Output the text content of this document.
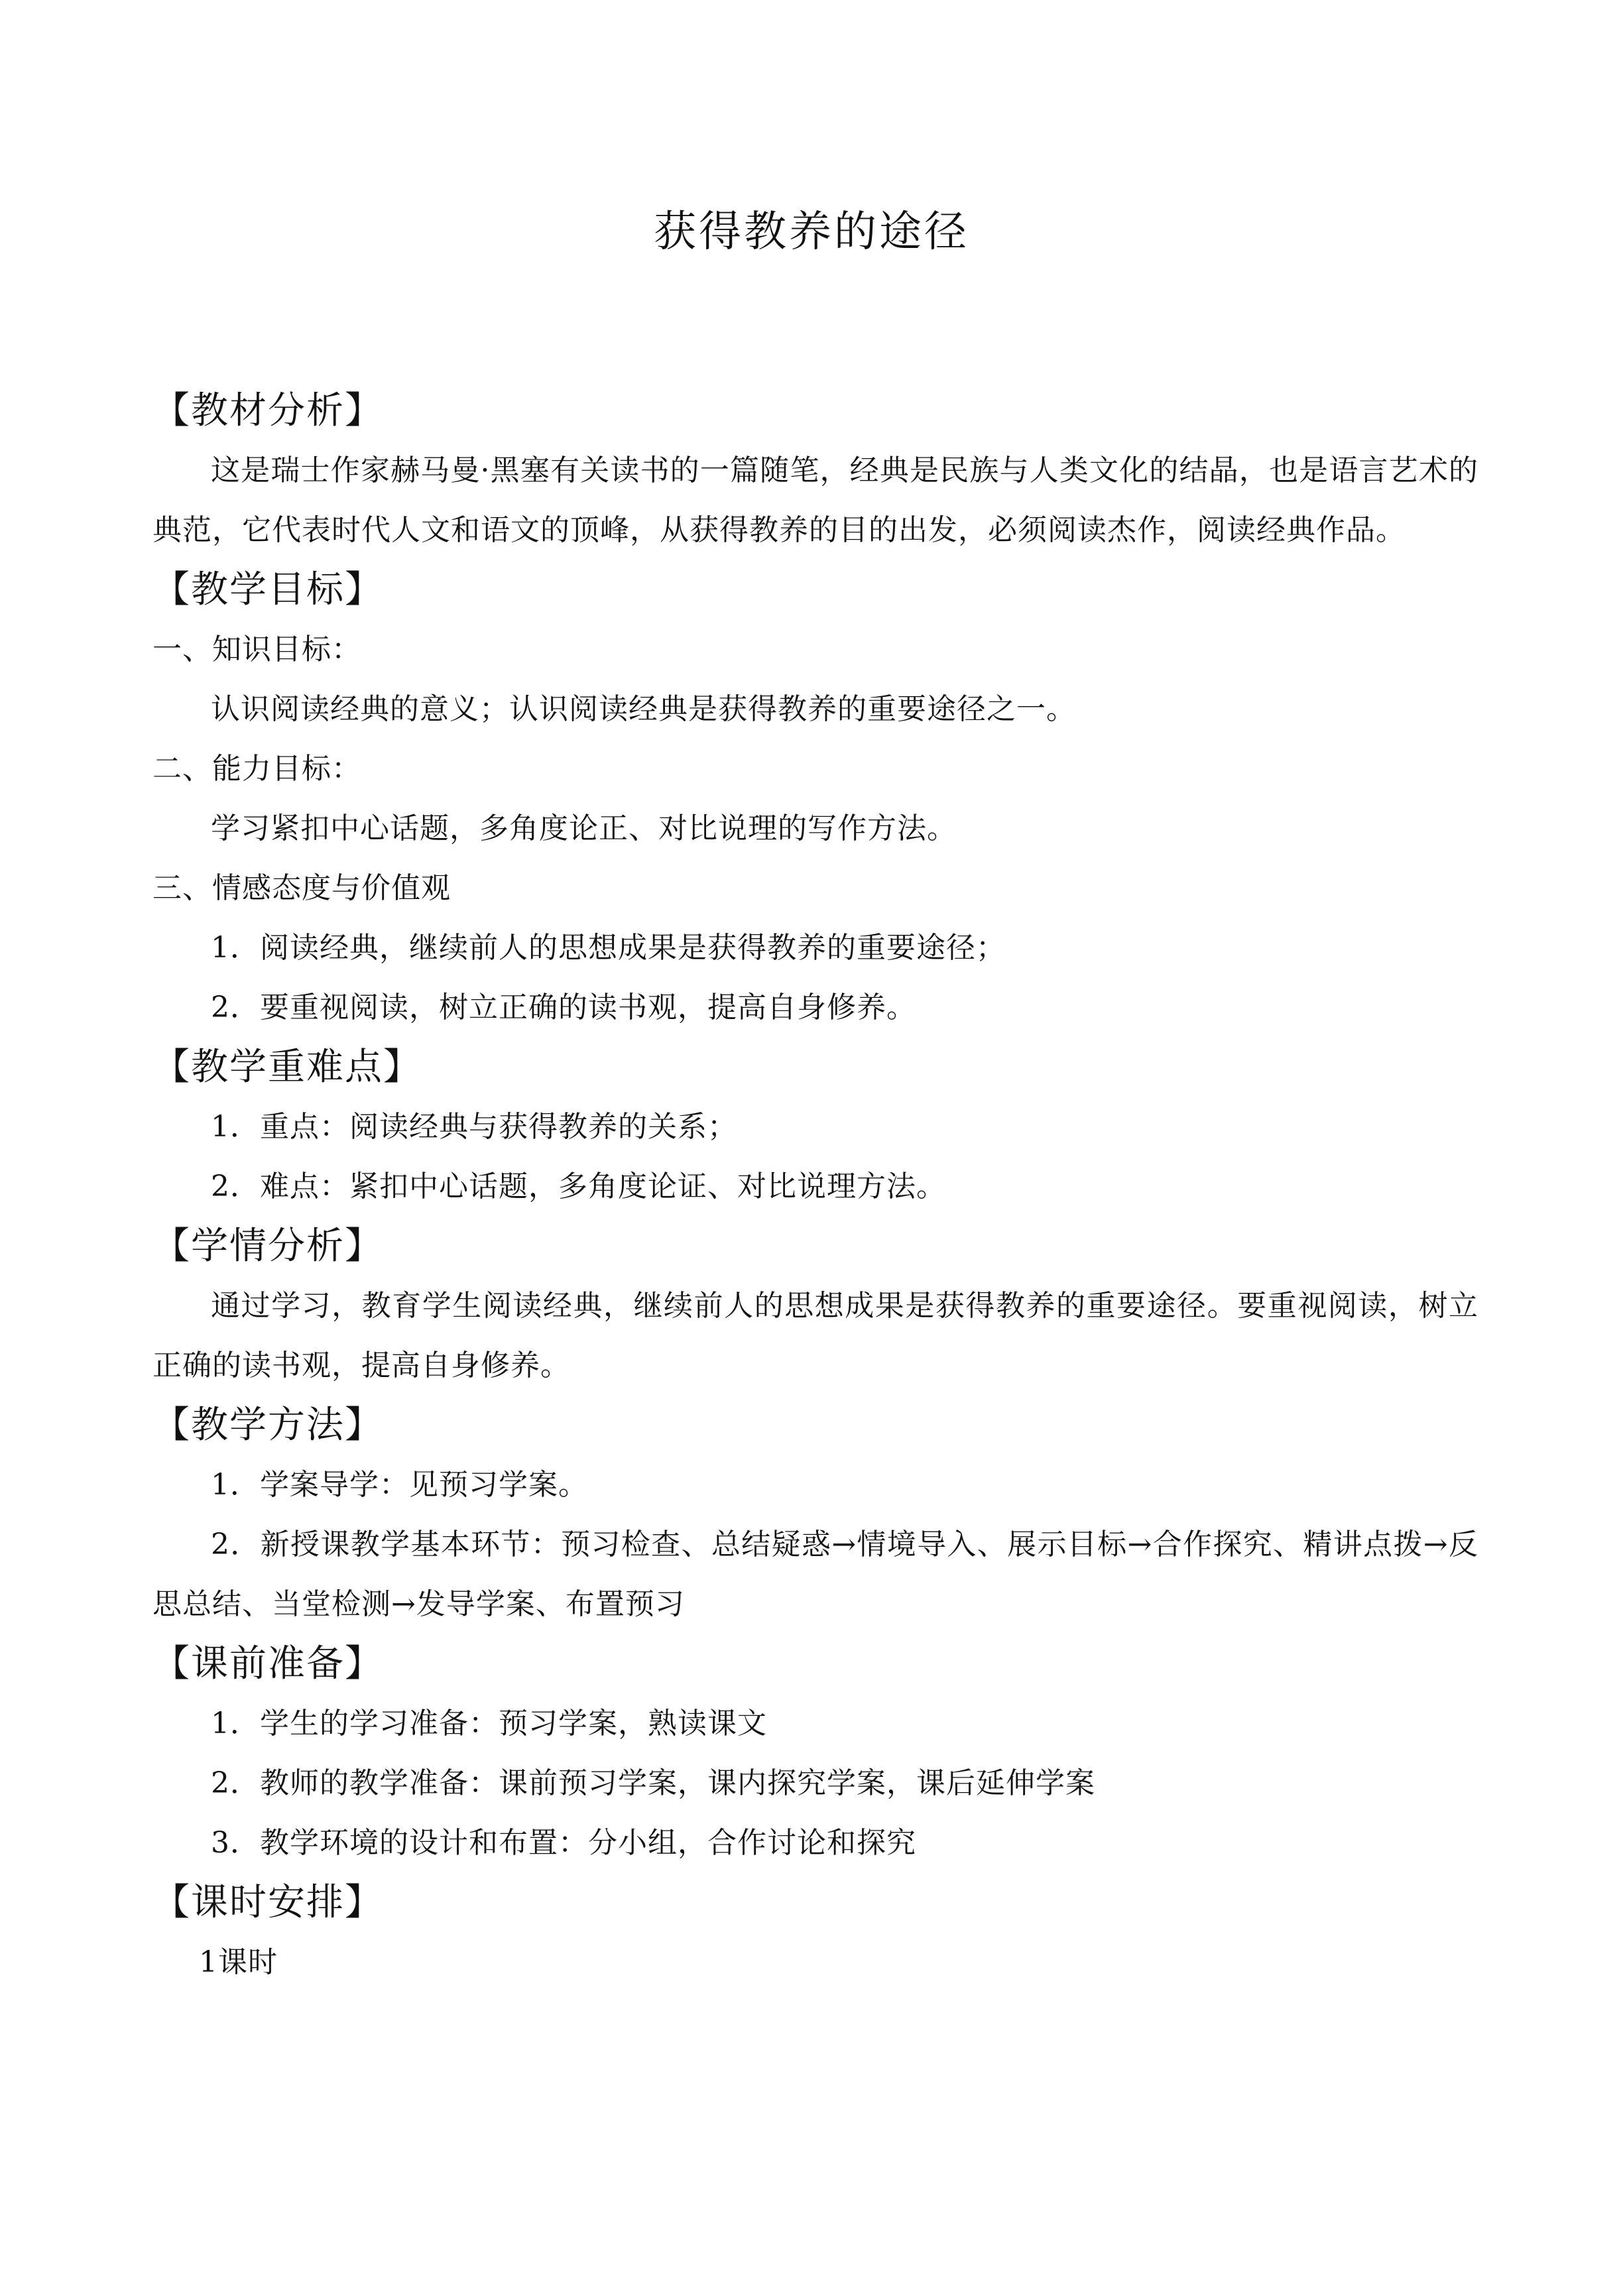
获得教养的途径

【教材分析】

这是瑞士作家赫马曼·黑塞有关读书的一篇随笔，经典是民族与人类文化的结晶，也是语言艺术的典范，它代表时代人文和语文的顶峰，从获得教养的目的出发，必须阅读杰作，阅读经典作品。

【教学目标】

一、知识目标：

认识阅读经典的意义；认识阅读经典是获得教养的重要途径之一。

二、能力目标：

学习紧扣中心话题，多角度论正、对比说理的写作方法。

三、情感态度与价值观

1．阅读经典，继续前人的思想成果是获得教养的重要途径；

2．要重视阅读，树立正确的读书观，提高自身修养。

【教学重难点】

1．重点：阅读经典与获得教养的关系；

2．难点：紧扣中心话题，多角度论证、对比说理方法。

【学情分析】

通过学习，教育学生阅读经典，继续前人的思想成果是获得教养的重要途径。要重视阅读，树立正确的读书观，提高自身修养。

【教学方法】

1．学案导学：见预习学案。

2．新授课教学基本环节：预习检查、总结疑惑→情境导入、展示目标→合作探究、精讲点拨→反思总结、当堂检测→发导学案、布置预习

【课前准备】

1．学生的学习准备：预习学案，熟读课文

2．教师的教学准备：课前预习学案，课内探究学案，课后延伸学案

3．教学环境的设计和布置：分小组，合作讨论和探究

【课时安排】

1课时
